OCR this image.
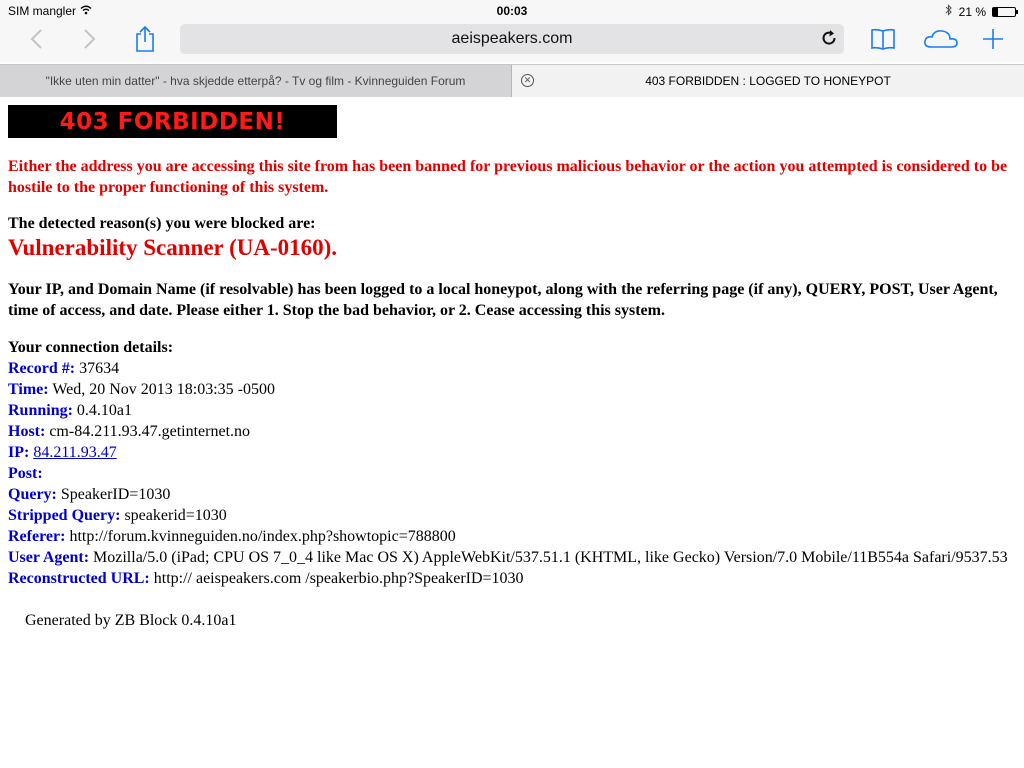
SIM mangler	00:03	21 %
aeispeakers.com
"Ikke uten min datter" - hva skjedde etterpå? - Tv og film - Kvinneguiden Forum	✕	403 FORBIDDEN : LOGGED TO HONEYPOT
403 FORBIDDEN!
Either the address you are accessing this site from has been banned for previous malicious behavior or the action you attempted is considered to be hostile to the proper functioning of this system.
The detected reason(s) you were blocked are:
Vulnerability Scanner (UA-0160).
Your IP, and Domain Name (if resolvable) has been logged to a local honeypot, along with the referring page (if any), QUERY, POST, User Agent, time of access, and date. Please either 1. Stop the bad behavior, or 2. Cease accessing this system.
Your connection details:
Record #: 37634
Time: Wed, 20 Nov 2013 18:03:35 -0500
Running: 0.4.10a1
Host: cm-84.211.93.47.getinternet.no
IP: 84.211.93.47
Post:
Query: SpeakerID=1030
Stripped Query: speakerid=1030
Referer: http://forum.kvinneguiden.no/index.php?showtopic=788800
User Agent: Mozilla/5.0 (iPad; CPU OS 7_0_4 like Mac OS X) AppleWebKit/537.51.1 (KHTML, like Gecko) Version/7.0 Mobile/11B554a Safari/9537.53
Reconstructed URL: http:// aeispeakers.com /speakerbio.php?SpeakerID=1030
Generated by ZB Block 0.4.10a1
